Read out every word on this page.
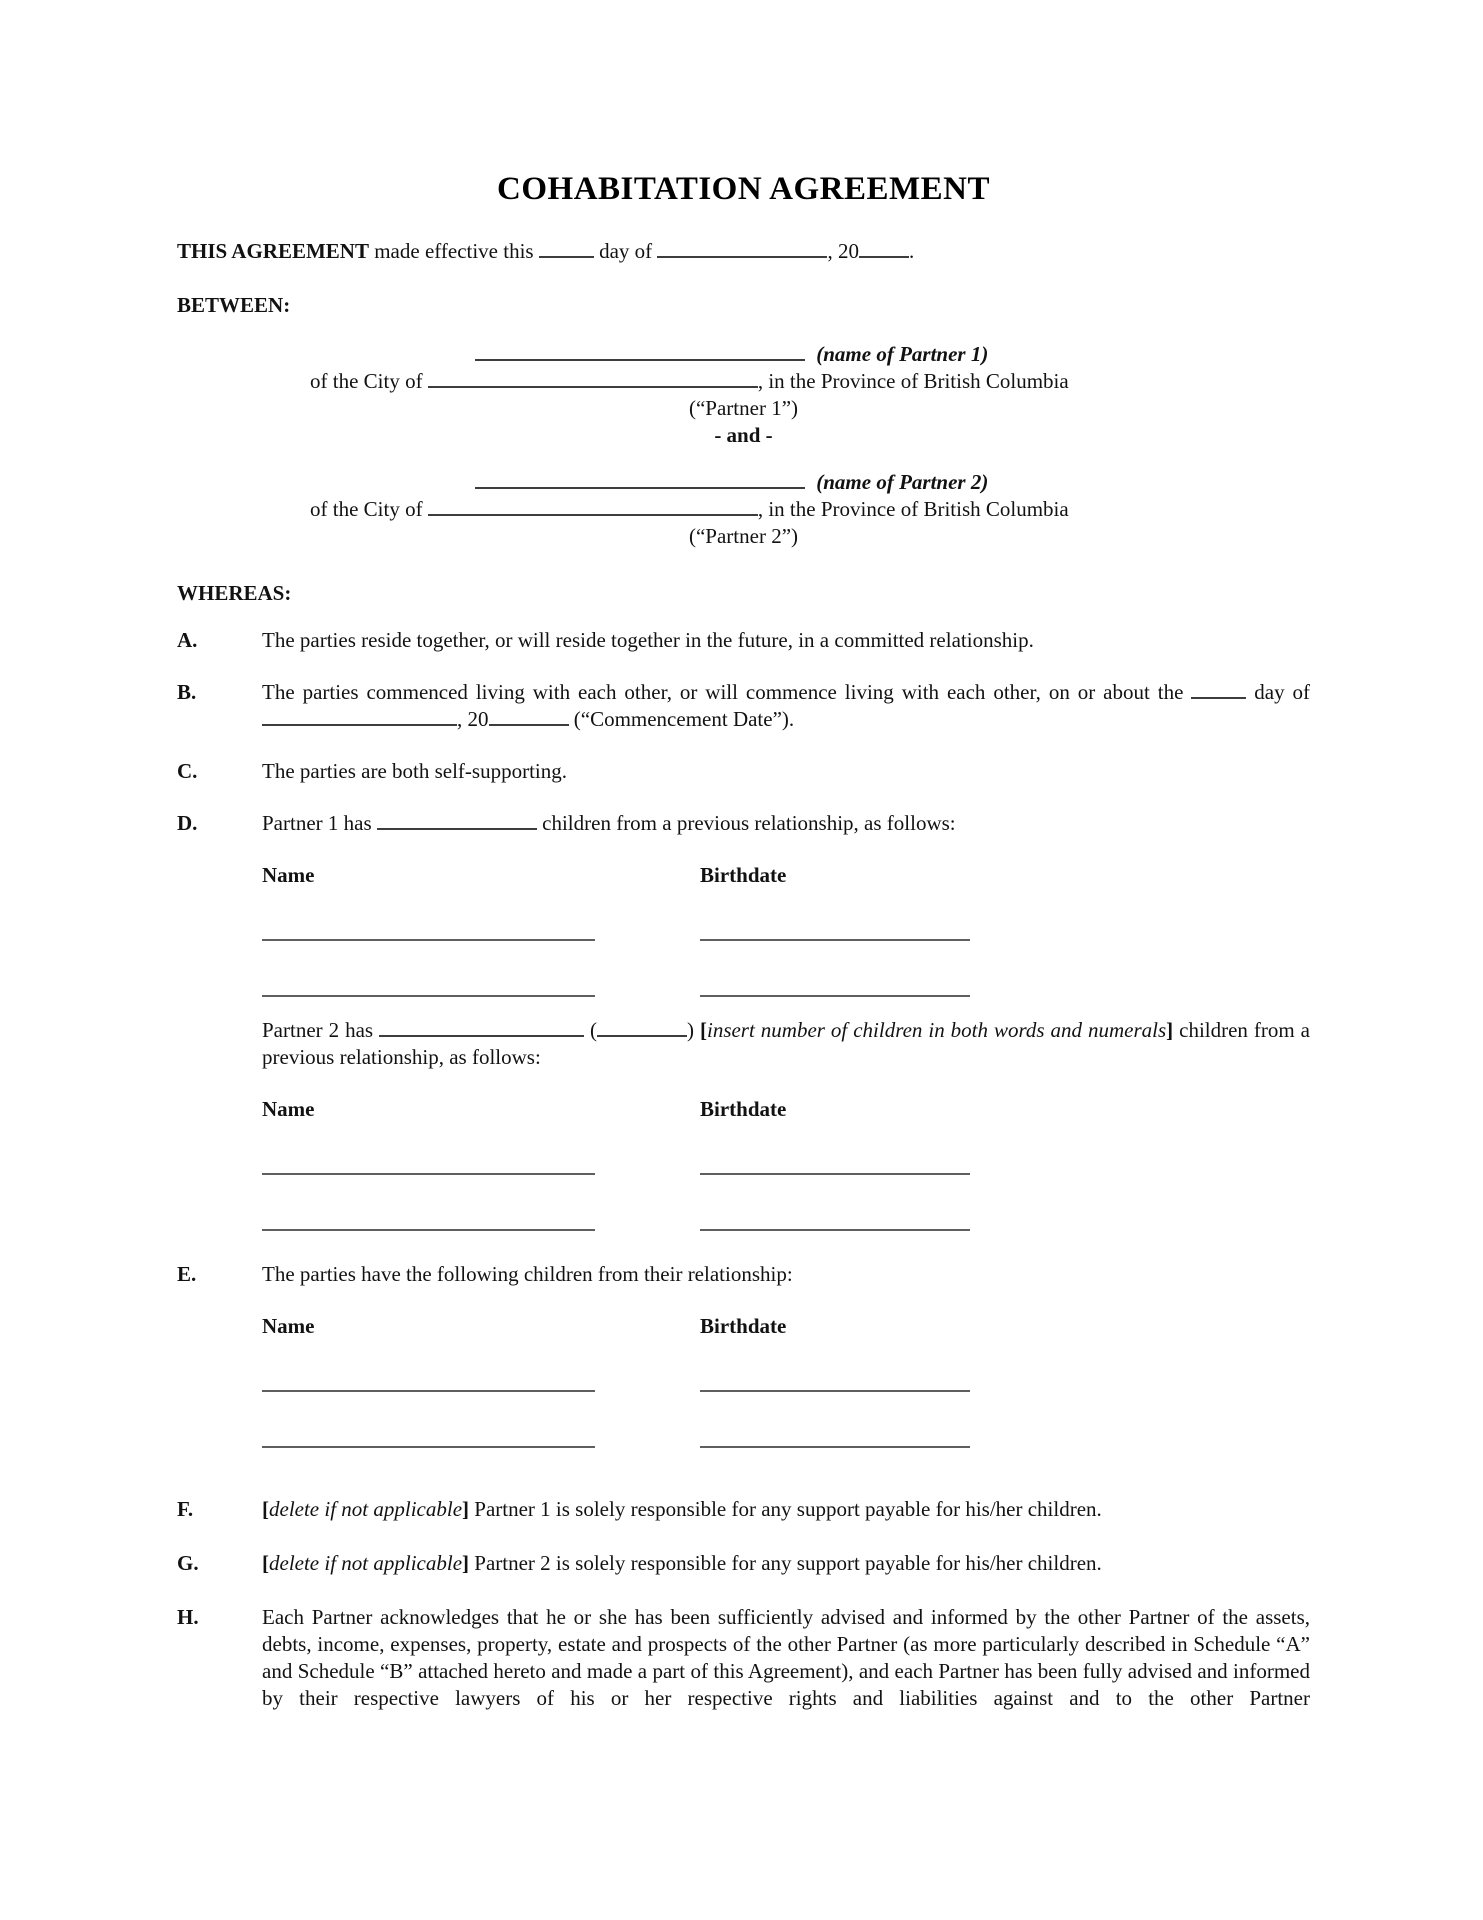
COHABITATION AGREEMENT
THIS AGREEMENT made effective this	day of	, 20 .
BETWEEN:
(name of Partner 1)
of the City of	, in the Province of British Columbia
(“Partner 1”)
- and -
(name of Partner 2)
of the City of	, in the Province of British Columbia
(“Partner 2”)
WHEREAS:
A.	The parties reside together, or will reside together in the future, in a committed relationship.
B.	The parties commenced living with each other, or will commence living with each other, on or about the	day of , 20	(“Commencement Date”).
C.	The parties are both self-supporting.
D.	Partner 1 has	children from a previous relationship, as follows:
Name	Birthdate
Partner 2 has	(	) [insert number of children in both words and numerals] children from a previous relationship, as follows:
Name	Birthdate
E.	The parties have the following children from their relationship:
Name	Birthdate
F.	[delete if not applicable] Partner 1 is solely responsible for any support payable for his/her children.
G.	[delete if not applicable] Partner 2 is solely responsible for any support payable for his/her children.
H.	Each Partner acknowledges that he or she has been sufficiently advised and informed by the other Partner of the assets, debts, income, expenses, property, estate and prospects of the other Partner (as more particularly described in Schedule “A” and Schedule “B” attached hereto and made a part of this Agreement), and each Partner has been fully advised and informed by their respective lawyers of his or her respective rights and liabilities against and to the other Partner
